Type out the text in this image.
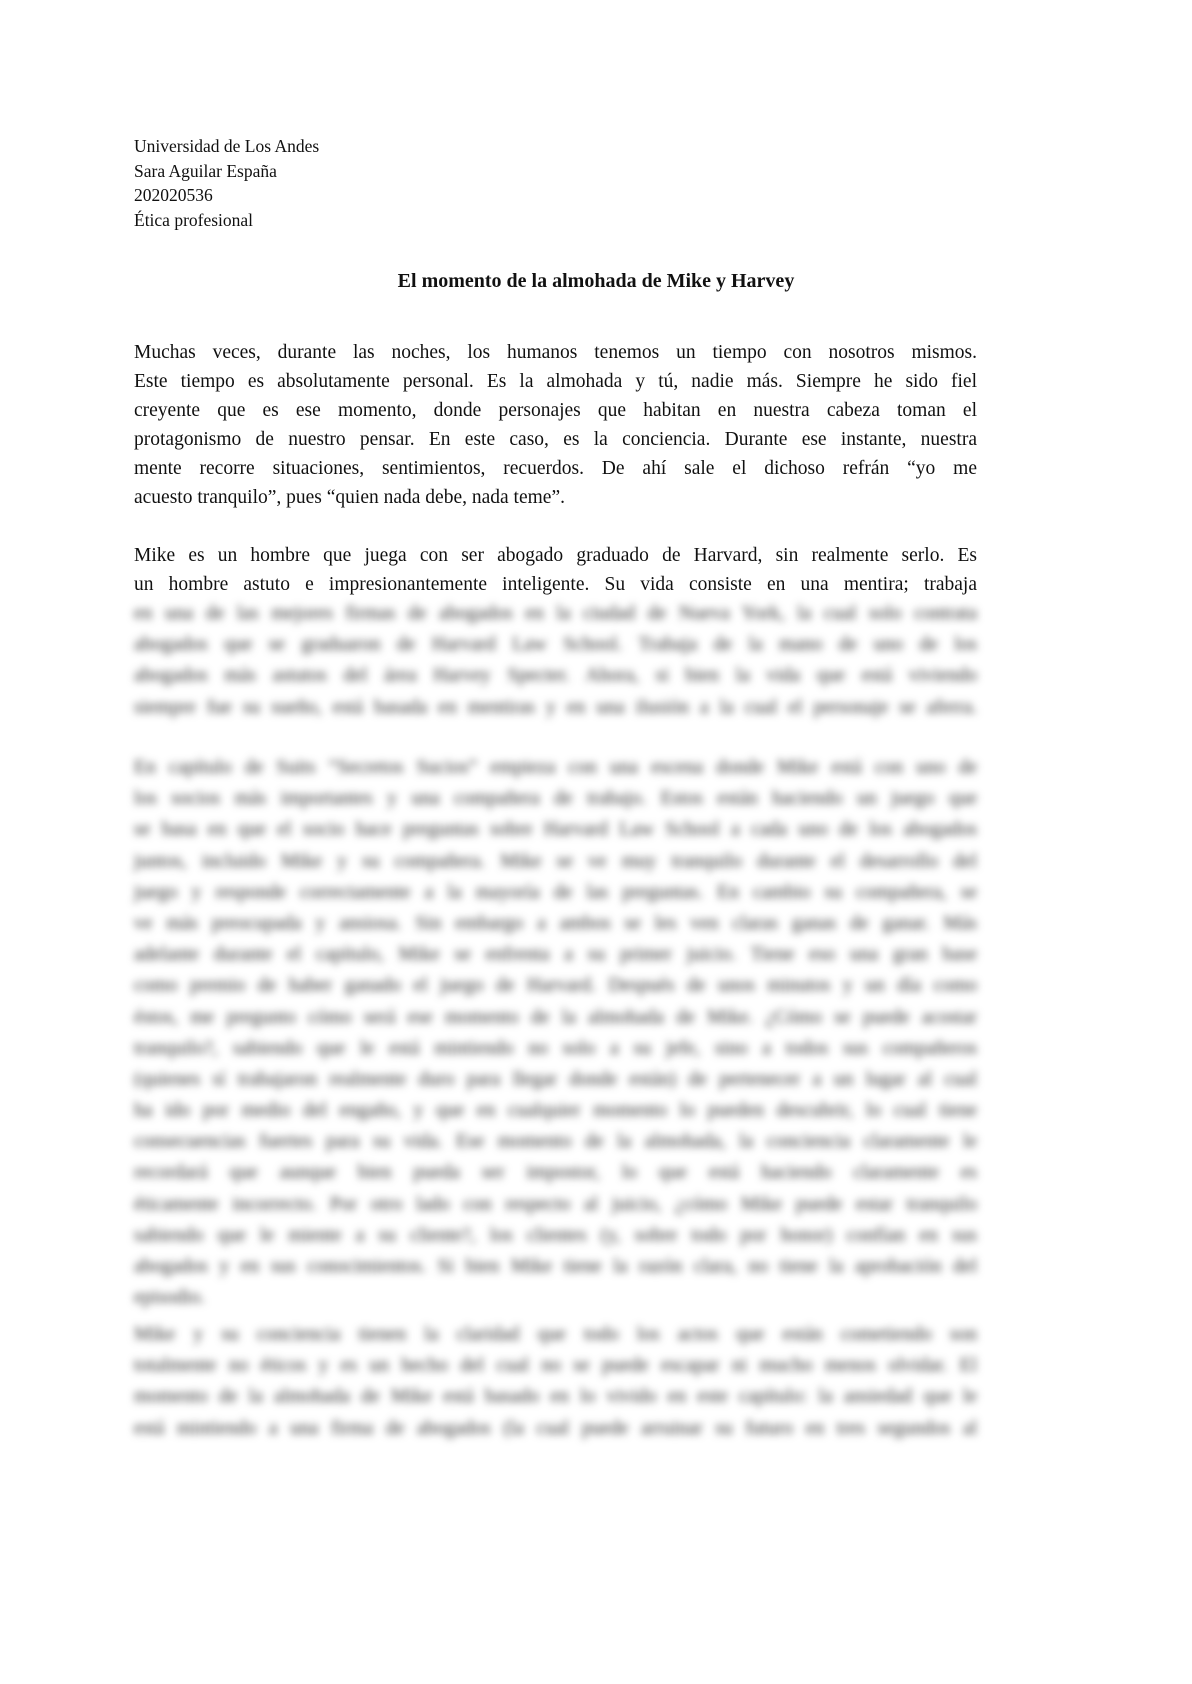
Universidad de Los Andes
Sara Aguilar España
202020536
Ética profesional
El momento de la almohada de Mike y Harvey
Muchas veces, durante las noches, los humanos tenemos un tiempo con nosotros mismos.
Este tiempo es absolutamente personal. Es la almohada y tú, nadie más. Siempre he sido fiel
creyente que es ese momento, donde personajes que habitan en nuestra cabeza toman el
protagonismo de nuestro pensar. En este caso, es la conciencia. Durante ese instante, nuestra
mente recorre situaciones, sentimientos, recuerdos. De ahí sale el dichoso refrán “yo me
acuesto tranquilo”, pues “quien nada debe, nada teme”.
Mike es un hombre que juega con ser abogado graduado de Harvard, sin realmente serlo. Es
un hombre astuto e impresionantemente inteligente. Su vida consiste en una mentira; trabaja
en una de las mejores firmas de abogados en la ciudad de Nueva York, la cual solo contrata
abogados que se graduaron de Harvard Law School. Trabaja de la mano de uno de los
abogados más astutos del área Harvey Specter. Ahora, si bien la vida que está viviendo
siempre fue su sueño, está basada en mentiras y en una ilusión a la cual el personaje se aferra.
En capítulo de Suits “Secretos Sucios” empieza con una escena donde Mike está con uno de
los socios más importantes y una compañera de trabajo. Estos están haciendo un juego que
se basa en que el socio hace preguntas sobre Harvard Law School a cada uno de los abogados
juntos, incluido Mike y su compañera. Mike se ve muy tranquilo durante el desarrollo del
juego y responde correctamente a la mayoría de las preguntas. En cambio su compañera, se
ve más preocupada y ansiosa. Sin embargo a ambos se les ven claras ganas de ganar. Más
adelante durante el capítulo, Mike se enfrenta a su primer juicio. Tiene eso una gran base
como premio de haber ganado el juego de Harvard. Después de unos minutos y un día como
éstos, me pregunto cómo será ese momento de la almohada de Mike. ¿Cómo se puede acostar
tranquilo?, sabiendo que le está mintiendo no solo a su jefe, sino a todos sus compañeros
(quienes sí trabajaron realmente duro para llegar donde están) de pertenecer a un lugar al cual
ha ido por medio del engaño, y que en cualquier momento lo pueden descubrir, lo cual tiene
consecuencias fuertes para su vida. Ese momento de la almohada, la conciencia claramente le
recordará que aunque bien pueda ser impostor, lo que está haciendo claramente es
éticamente incorrecto. Por otro lado con respecto al juicio, ¿cómo Mike puede estar tranquilo
sabiendo que le miente a su cliente?, los clientes (y, sobre todo por honor) confían en sus
abogados y en sus conocimientos. Si bien Mike tiene la razón clara, no tiene la aprobación del
episodio.
Mike y su conciencia tienen la claridad que todo los actos que están cometiendo son
totalmente no éticos y es un hecho del cual no se puede escapar ni mucho menos olvidar. El
momento de la almohada de Mike está basado en lo vivido en este capítulo: la ansiedad que le
está mintiendo a una firma de abogados (la cual puede arruinar su futuro en tres segundos al
